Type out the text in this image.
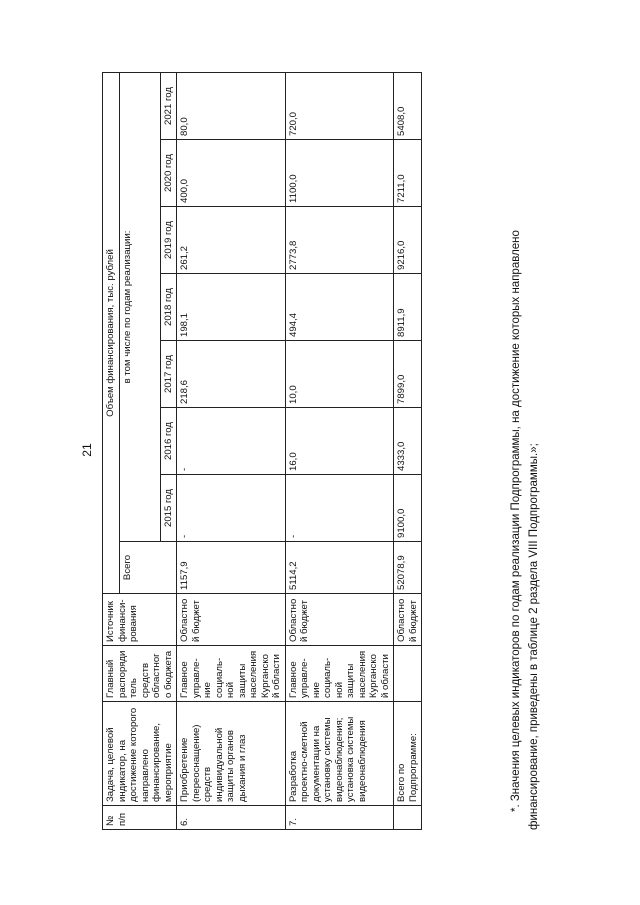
21
№ п/п	Задача, целевой индикатор, на достижение которого направлено финансирование, мероприятие	Главный распорядитель средств областного бюджета	Источник финанси-рования	Объем финансирования, тыс. рублей							
				Всего	в том числе по годам реализации:						
					2015 год	2016 год	2017 год	2018 год	2019 год	2020 год	2021 год
6.	Приобретение (переоснащение) средств индивидуальной защиты органов дыхания и глаз	Главное управле-ние социаль-ной защиты населения Курганской области	Областной бюджет	1157,9	-	-	218,6	198,1	261,2	400,0	80,0
7.	Разработка проектно-сметной документации на установку системы видеонаблюдения; установка системы видеонаблюдения	Главное управле-ние социаль-ной защиты населения Курганской области	Областной бюджет	5114,2	-	16,0	10,0	494,4	2773,8	1100,0	720,0
	Всего по Подпрограмме:		Областной бюджет	52078,9	9100,0	4333,0	7899,0	8911,9	9216,0	7211,0	5408,0
*. Значения целевых индикаторов по годам реализации Подпрограммы, на достижение которых направлено финансирование, приведены в таблице 2 раздела VIII Подпрограммы.»;
